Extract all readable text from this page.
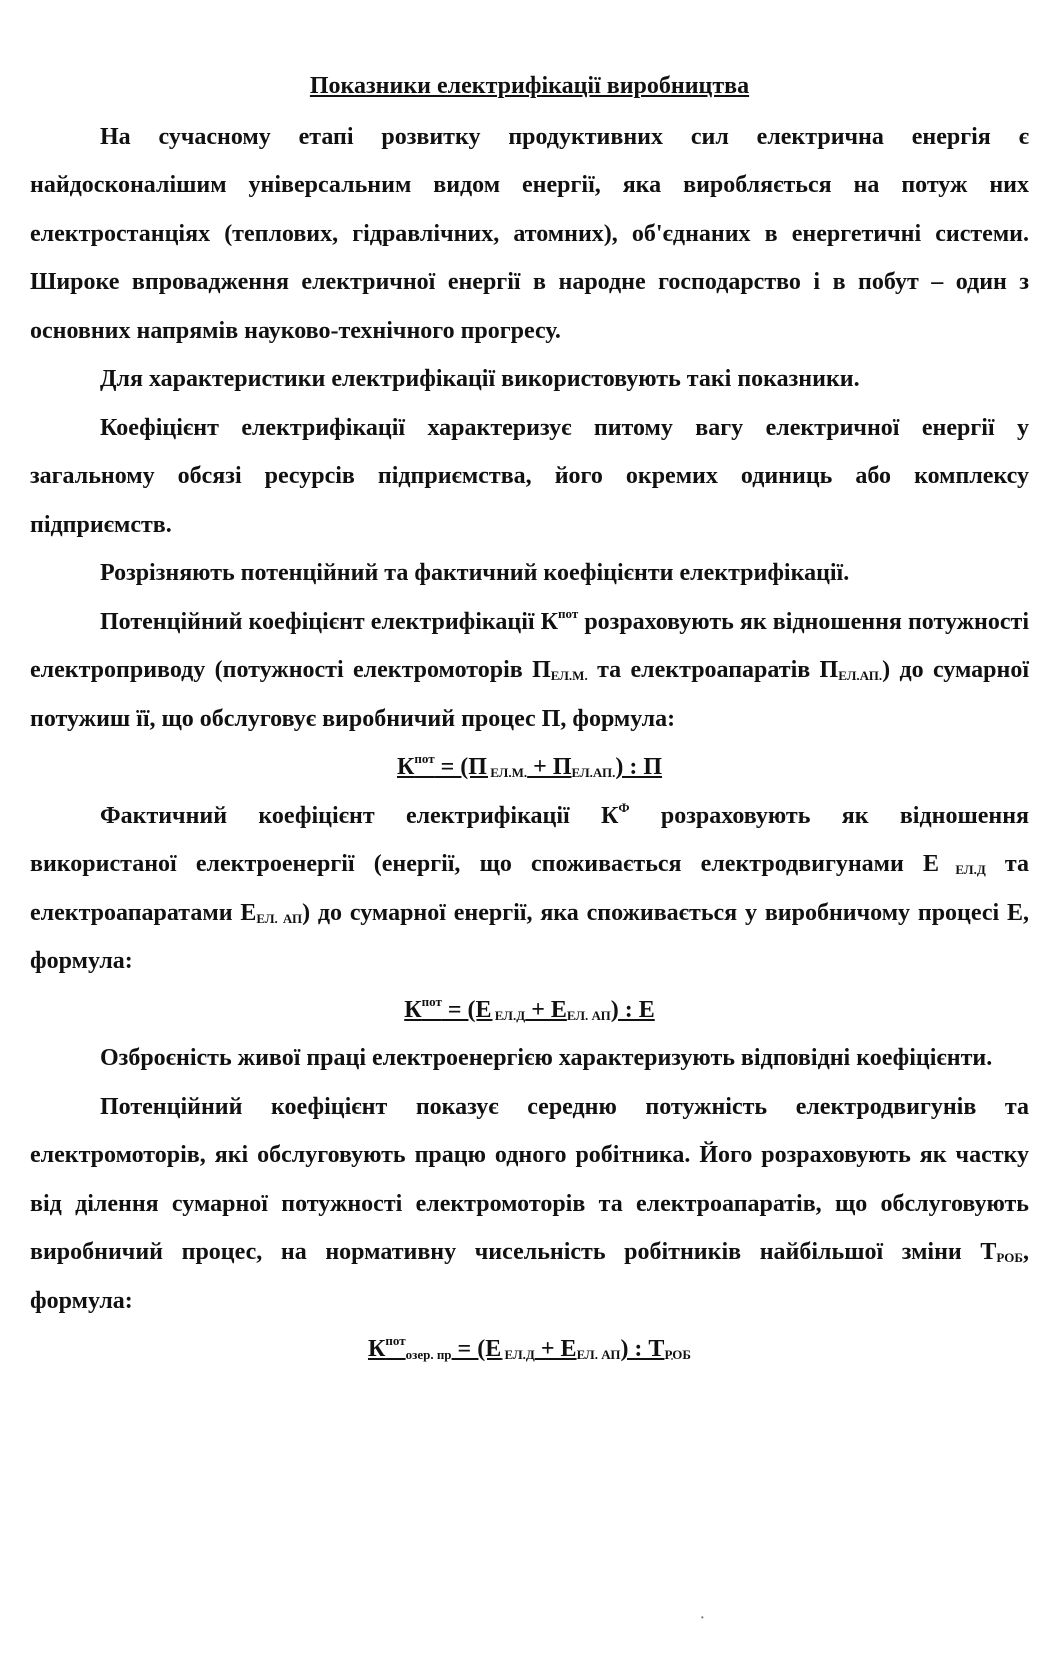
Показники електрифікації виробництва

На сучасному етапі розвитку продуктивних сил електрична енергія є найдосконалішим універсальним видом енергії, яка виробляється на потуж них електростанціях (теплових, гідравлічних, атомних), об'єднаних в енергетичні системи. Широке впровадження електричної енергії в народне господарство і в побут – один з основних напрямів науково-технічного прогресу.

Для характеристики електрифікації використовують такі показники.

Коефіцієнт електрифікації характеризує питому вагу електричної енергії у загальному обсязі ресурсів підприємства, його окремих одиниць або комплексу підприємств.

Розрізняють потенційний та фактичний коефіцієнти електрифікації.

Потенційний коефіцієнт електрифікації $К^{пот}$ розраховують як відношення потужності електроприводу (потужності електромоторів $П_{ЕЛ.М.}$ та електроапаратів $П_{ЕЛ.АП.}$) до сумарної потужиш її, що обслуговує виробничий процес П, формула:

$К^{пот} = (П$ $_{ЕЛ.М.} + П_{ЕЛ.АП.}$) : П

Фактичний коефіцієнт електрифікації $К^Ф$ розраховують як відношення використаної електроенергії (енергії, що споживається електродвигунами Е $_{ЕЛ.Д}$ та електроапаратами $Е_{ЕЛ. АП}$) до сумарної енергії, яка споживається у виробничому процесі Е, формула:

$К^{пот} = (Е$ $_{ЕЛ.Д} + Е_{ЕЛ. АП}$) : Е

Озброєність живої праці електроенергією характеризують відповідні коефіцієнти.

Потенційний коефіцієнт показує середню потужність електродвигунів та електромоторів, які обслуговують працю одного робітника. Його розраховують як частку від ділення сумарної потужності електромоторів та електроапаратів, що обслуговують виробничий процес, на нормативну чисельність робітників найбільшої зміни $Т_{РОБ}$, формула:

$К^{пот}_{озер. пр} = (Е$ $_{ЕЛ.Д} + Е_{ЕЛ. АП}$) : $Т_{РОБ}$
·
